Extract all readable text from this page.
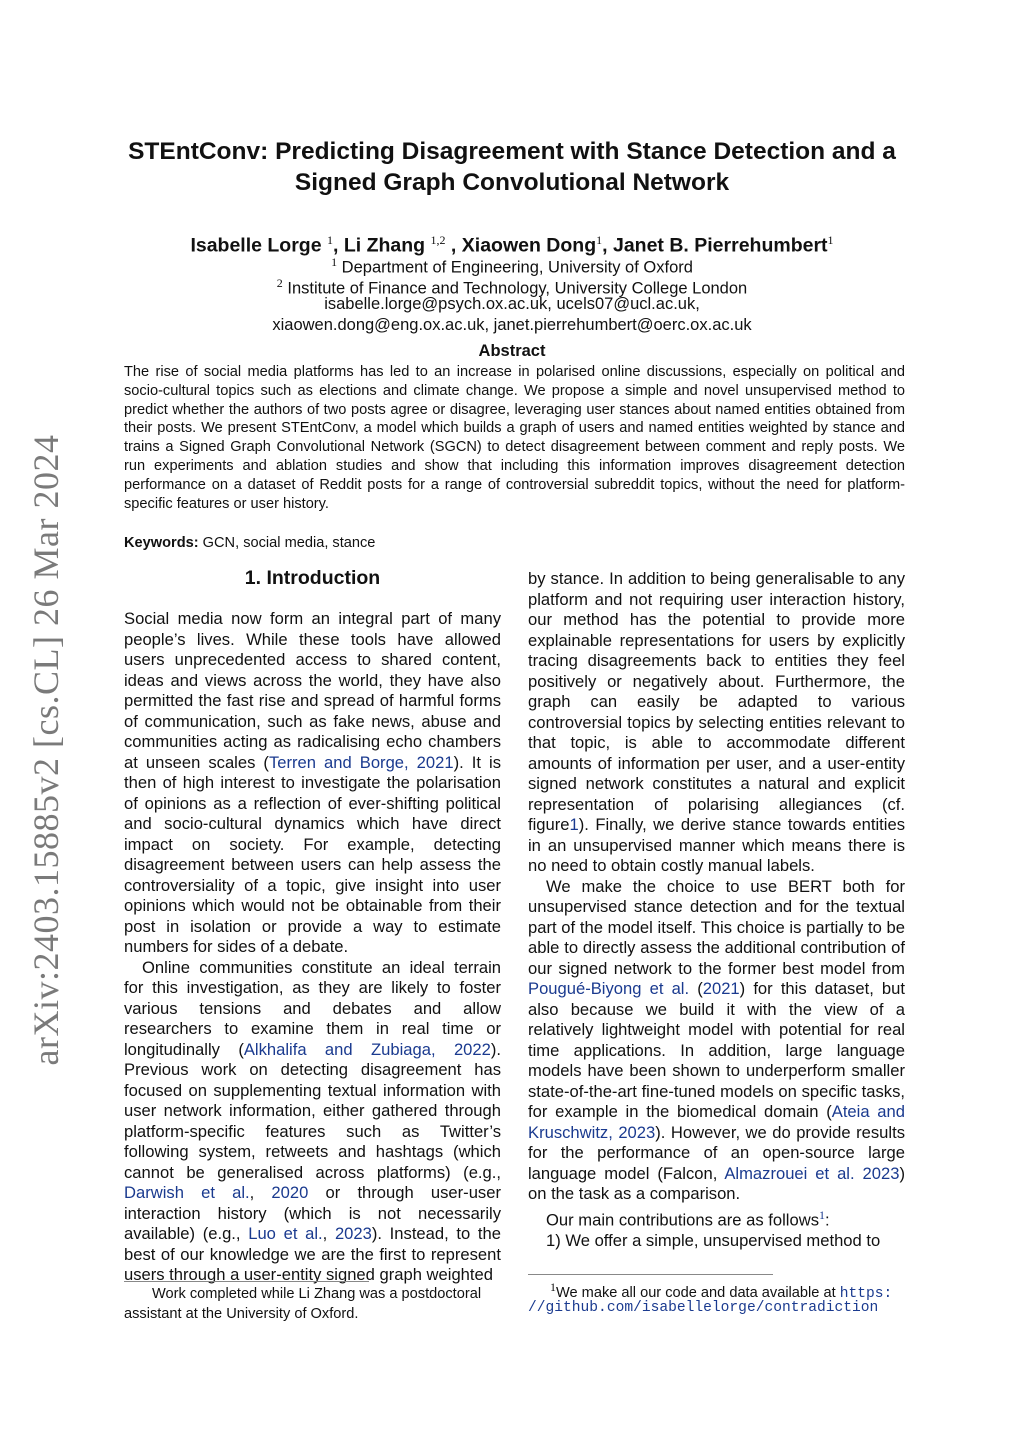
arXiv:2403.15885v2 [cs.CL] 26 Mar 2024
STEntConv: Predicting Disagreement with Stance Detection and a
Signed Graph Convolutional Network
Isabelle Lorge $^1$, Li Zhang $^{1,2}$ , Xiaowen Dong$^1$, Janet B. Pierrehumbert$^1$
$^1$ Department of Engineering, University of Oxford
$^2$ Institute of Finance and Technology, University College London
isabelle.lorge@psych.ox.ac.uk, ucels07@ucl.ac.uk,
xiaowen.dong@eng.ox.ac.uk, janet.pierrehumbert@oerc.ox.ac.uk
Abstract

The rise of social media platforms has led to an increase in polarised online discussions, especially on political and socio-cultural topics such as elections and climate change. We propose a simple and novel unsupervised method to predict whether the authors of two posts agree or disagree, leveraging user stances about named entities obtained from their posts. We present STEntConv, a model which builds a graph of users and named entities weighted by stance and trains a Signed Graph Convolutional Network (SGCN) to detect disagreement between comment and reply posts. We run experiments and ablation studies and show that including this information improves disagreement detection performance on a dataset of Reddit posts for a range of controversial subreddit topics, without the need for platform-specific features or user history.

Keywords: GCN, social media, stance
1. Introduction

Social media now form an integral part of many people’s lives. While these tools have allowed users unprecedented access to shared content, ideas and views across the world, they have also permitted the fast rise and spread of harmful forms of communication, such as fake news, abuse and communities acting as radicalising echo chambers at unseen scales (Terren and Borge, 2021). It is then of high interest to investigate the polarisation of opinions as a reflection of ever-shifting political and socio-cultural dynamics which have direct impact on society. For example, detecting disagreement between users can help assess the controversiality of a topic, give insight into user opinions which would not be obtainable from their post in isolation or provide a way to estimate numbers for sides of a debate.

Online communities constitute an ideal terrain for this investigation, as they are likely to foster various tensions and debates and allow researchers to examine them in real time or longitudinally (Alkhalifa and Zubiaga, 2022). Previous work on detecting disagreement has focused on supplementing textual information with user network information, either gathered through platform-specific features such as Twitter’s following system, retweets and hashtags (which cannot be generalised across platforms) (e.g., Darwish et al., 2020 or through user-user interaction history (which is not necessarily available) (e.g., Luo et al., 2023). Instead, to the best of our knowledge we are the first to represent users through a user-entity signed graph weighted

Work completed while Li Zhang was a postdoctoral assistant at the University of Oxford.

by stance. In addition to being generalisable to any platform and not requiring user interaction history, our method has the potential to provide more explainable representations for users by explicitly tracing disagreements back to entities they feel positively or negatively about. Furthermore, the graph can easily be adapted to various controversial topics by selecting entities relevant to that topic, is able to accommodate different amounts of information per user, and a user-entity signed network constitutes a natural and explicit representation of polarising allegiances (cf. figure1). Finally, we derive stance towards entities in an unsupervised manner which means there is no need to obtain costly manual labels.

We make the choice to use BERT both for unsupervised stance detection and for the textual part of the model itself. This choice is partially to be able to directly assess the additional contribution of our signed network to the former best model from Pougué-Biyong et al. (2021) for this dataset, but also because we build it with the view of a relatively lightweight model with potential for real time applications. In addition, large language models have been shown to underperform smaller state-of-the-art fine-tuned models on specific tasks, for example in the biomedical domain (Ateia and Kruschwitz, 2023). However, we do provide results for the performance of an open-source large language model (Falcon, Almazrouei et al. 2023) on the task as a comparison.

Our main contributions are as follows$^1$:

1) We offer a simple, unsupervised method to

$^1$We make all our code and data available at https:
//github.com/isabellelorge/contradiction
